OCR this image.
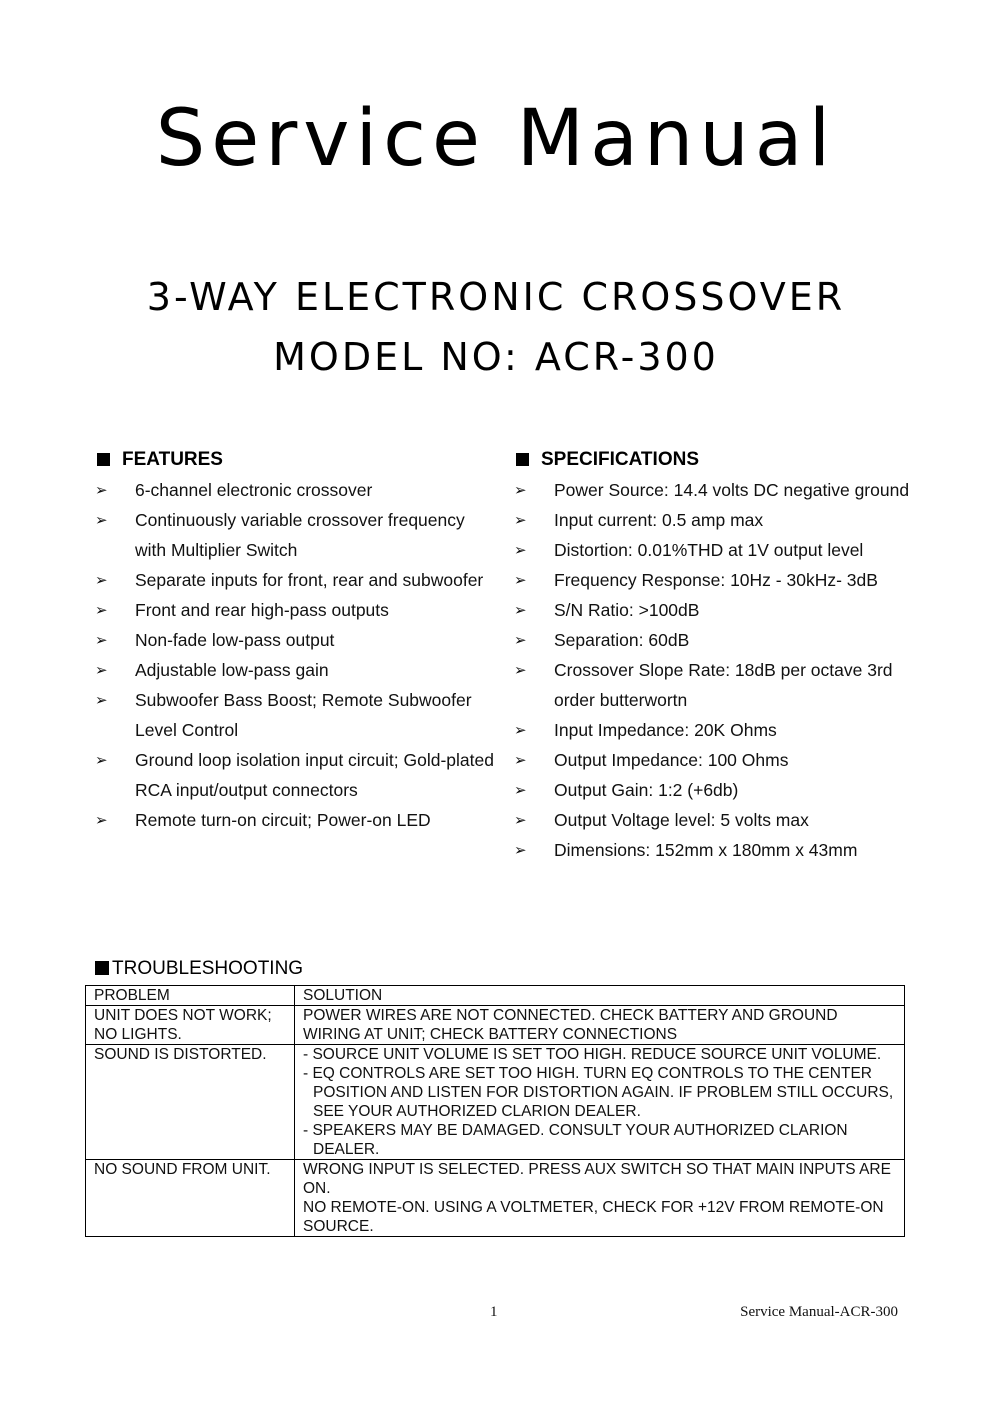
Service Manual
3-WAY ELECTRONIC CROSSOVER
MODEL NO: ACR-300
FEATURES
➢ 6-channel electronic crossover
➢ Continuously variable crossover frequency with Multiplier Switch
➢ Separate inputs for front, rear and subwoofer
➢ Front and rear high-pass outputs
➢ Non-fade low-pass output
➢ Adjustable low-pass gain
➢ Subwoofer Bass Boost; Remote Subwoofer Level Control
➢ Ground loop isolation input circuit; Gold-plated RCA input/output connectors
➢ Remote turn-on circuit; Power-on LED
SPECIFICATIONS
➢ Power Source: 14.4 volts DC negative ground
➢ Input current: 0.5 amp max
➢ Distortion: 0.01%THD at 1V output level
➢ Frequency Response: 10Hz - 30kHz- 3dB
➢ S/N Ratio: >100dB
➢ Separation: 60dB
➢ Crossover Slope Rate: 18dB per octave 3rd order butterwortn
➢ Input Impedance: 20K Ohms
➢ Output Impedance: 100 Ohms
➢ Output Gain: 1:2 (+6db)
➢ Output Voltage level: 5 volts max
➢ Dimensions: 152mm x 180mm x 43mm
TROUBLESHOOTING
PROBLEM	SOLUTION
UNIT DOES NOT WORK; NO LIGHTS.	POWER WIRES ARE NOT CONNECTED. CHECK BATTERY AND GROUND WIRING AT UNIT; CHECK BATTERY CONNECTIONS
SOUND IS DISTORTED.	- SOURCE UNIT VOLUME IS SET TOO HIGH. REDUCE SOURCE UNIT VOLUME.
- EQ CONTROLS ARE SET TOO HIGH. TURN EQ CONTROLS TO THE CENTER POSITION AND LISTEN FOR DISTORTION AGAIN. IF PROBLEM STILL OCCURS, SEE YOUR AUTHORIZED CLARION DEALER.
- SPEAKERS MAY BE DAMAGED. CONSULT YOUR AUTHORIZED CLARION DEALER.

NO SOUND FROM UNIT.	WRONG INPUT IS SELECTED. PRESS AUX SWITCH SO THAT MAIN INPUTS ARE ON.
NO REMOTE-ON. USING A VOLTMETER, CHECK FOR +12V FROM REMOTE-ON SOURCE.
1	Service Manual-ACR-300
